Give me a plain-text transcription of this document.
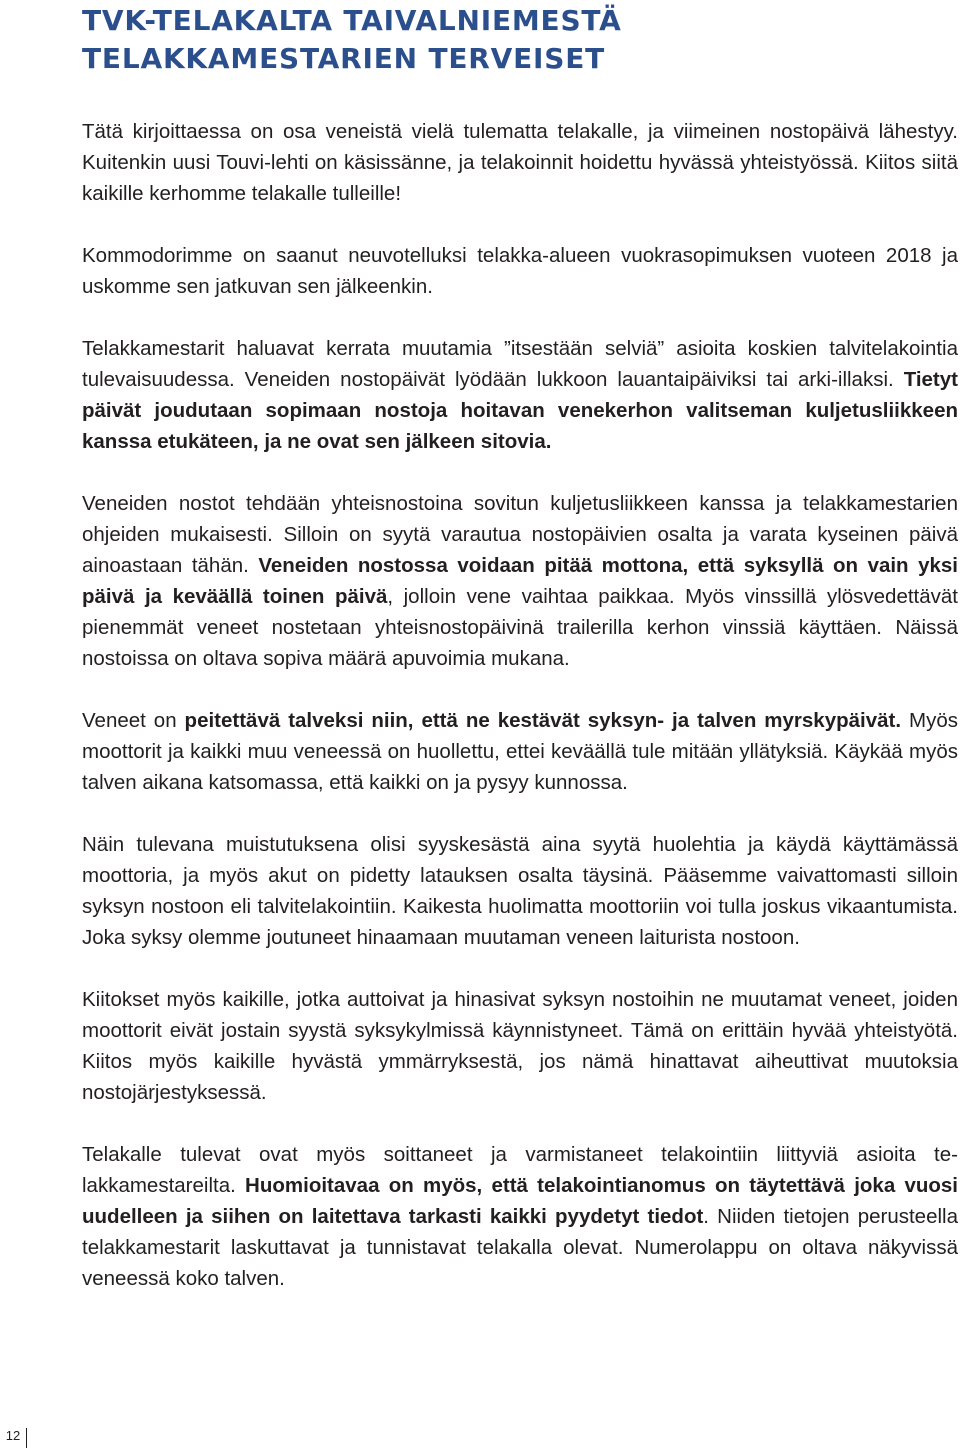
TVK-TELAKALTA TAIVALNIEMESTÄ TELAKKAMESTARIEN TERVEISET

Tätä kirjoittaessa on osa veneistä vielä tulematta telakalle, ja viimeinen nostopäivä lähestyy. Kuitenkin uusi Touvi-lehti on käsissänne, ja telakoinnit hoidettu hyvässä yhteistyössä. Kiitos siitä kaikille kerhomme telakalle tulleille!

Kommodorimme on saanut neuvotelluksi telakka-alueen vuokrasopimuksen vuoteen 2018 ja uskomme sen jatkuvan sen jälkeenkin.

Telakkamestarit haluavat kerrata muutamia ”itsestään selviä” asioita koskien talvitelakointia tulevaisuudessa. Veneiden nostopäivät lyödään lukkoon lauantaipäiviksi tai arki-illaksi. Tietyt päivät joudutaan sopimaan nostoja hoitavan venekerhon valitseman kuljetusliikkeen kanssa etukäteen, ja ne ovat sen jälkeen sitovia.

Veneiden nostot tehdään yhteisnostoina sovitun kuljetusliikkeen kanssa ja telakkamestarien ohjeiden mukaisesti. Silloin on syytä varautua nostopäivien osalta ja varata kyseinen päivä ainoastaan tähän. Veneiden nostossa voidaan pitää mottona, että syksyllä on vain yksi päivä ja keväällä toinen päivä, jolloin vene vaihtaa paikkaa. Myös vinssillä ylösvedettävät pienemmät veneet nostetaan yhteisnostopäivinä trailerilla kerhon vinssiä käyttäen. Näissä nostoissa on oltava sopiva määrä apuvoimia mukana.

Veneet on peitettävä talveksi niin, että ne kestävät syksyn- ja talven myrskypäivät. Myös moottorit ja kaikki muu veneessä on huollettu, ettei keväällä tule mitään yllätyksiä. Käykää myös talven aikana katsomassa, että kaikki on ja pysyy kunnossa.

Näin tulevana muistutuksena olisi syyskesästä aina syytä huolehtia ja käydä käyttämässä moottoria, ja myös akut on pidetty latauksen osalta täysinä. Pääsemme vaivattomasti silloin syksyn nostoon eli talvitelakointiin. Kaikesta huolimatta moottoriin voi tulla joskus vikaantumista. Joka syksy olemme joutuneet hinaamaan muutaman veneen laiturista nostoon.

Kiitokset myös kaikille, jotka auttoivat ja hinasivat syksyn nostoihin ne muutamat veneet, joiden moottorit eivät jostain syystä syksykylmissä käynnistyneet. Tämä on erittäin hyvää yhteistyötä. Kiitos myös kaikille hyvästä ymmärryksestä, jos nämä hinattavat aiheuttivat muutoksia nostojärjestyksessä.

Telakalle tulevat ovat myös soittaneet ja varmistaneet telakointiin liittyviä asioita telakkamestareilta. Huomioitavaa on myös, että telakointianomus on täytettävä joka vuosi uudelleen ja siihen on laitettava tarkasti kaikki pyydetyt tiedot. Niiden tietojen perusteella telakkamestarit laskuttavat ja tunnistavat telakalla olevat. Numerolappu on oltava näkyvissä veneessä koko talven.

12
